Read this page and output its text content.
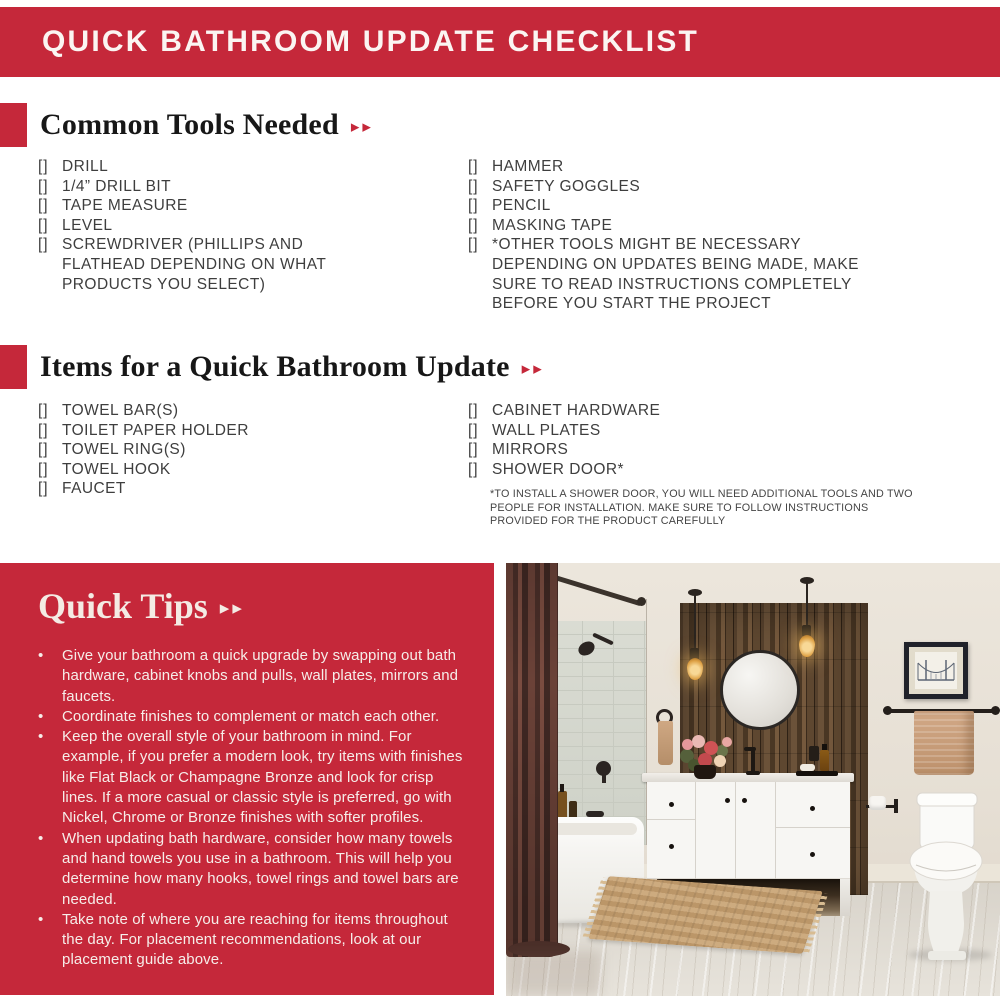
QUICK BATHROOM UPDATE CHECKLIST
Common Tools Needed ▸▸
[] DRILL
[] 1/4” DRILL BIT
[] TAPE MEASURE
[] LEVEL
[] SCREWDRIVER (PHILLIPS AND FLATHEAD DEPENDING ON WHAT PRODUCTS YOU SELECT)
[] HAMMER
[] SAFETY GOGGLES
[] PENCIL
[] MASKING TAPE
[] *OTHER TOOLS MIGHT BE NECESSARY DEPENDING ON UPDATES BEING MADE, MAKE SURE TO READ INSTRUCTIONS COMPLETELY BEFORE YOU START THE PROJECT
Items for a Quick Bathroom Update ▸▸
[] TOWEL BAR(S)
[] TOILET PAPER HOLDER
[] TOWEL RING(S)
[] TOWEL HOOK
[] FAUCET
[] CABINET HARDWARE
[] WALL PLATES
[] MIRRORS
[] SHOWER DOOR*
*TO INSTALL A SHOWER DOOR, YOU WILL NEED ADDITIONAL TOOLS AND TWO PEOPLE FOR INSTALLATION. MAKE SURE TO FOLLOW INSTRUCTIONS PROVIDED FOR THE PRODUCT CAREFULLY
Quick Tips ▸▸
•	Give your bathroom a quick upgrade by swapping out bath hardware, cabinet knobs and pulls, wall plates, mirrors and faucets.
•	Coordinate finishes to complement or match each other.
•	Keep the overall style of your bathroom in mind. For example, if you prefer a modern look, try items with finishes like Flat Black or Champagne Bronze and look for crisp lines. If a more casual or classic style is preferred, go with Nickel, Chrome or Bronze finishes with softer profiles.
•	When updating bath hardware, consider how many towels and hand towels you use in a bathroom. This will help you determine how many hooks, towel rings and towel bars are needed.
•	Take note of where you are reaching for items throughout the day. For placement recommendations, look at our placement guide above.
